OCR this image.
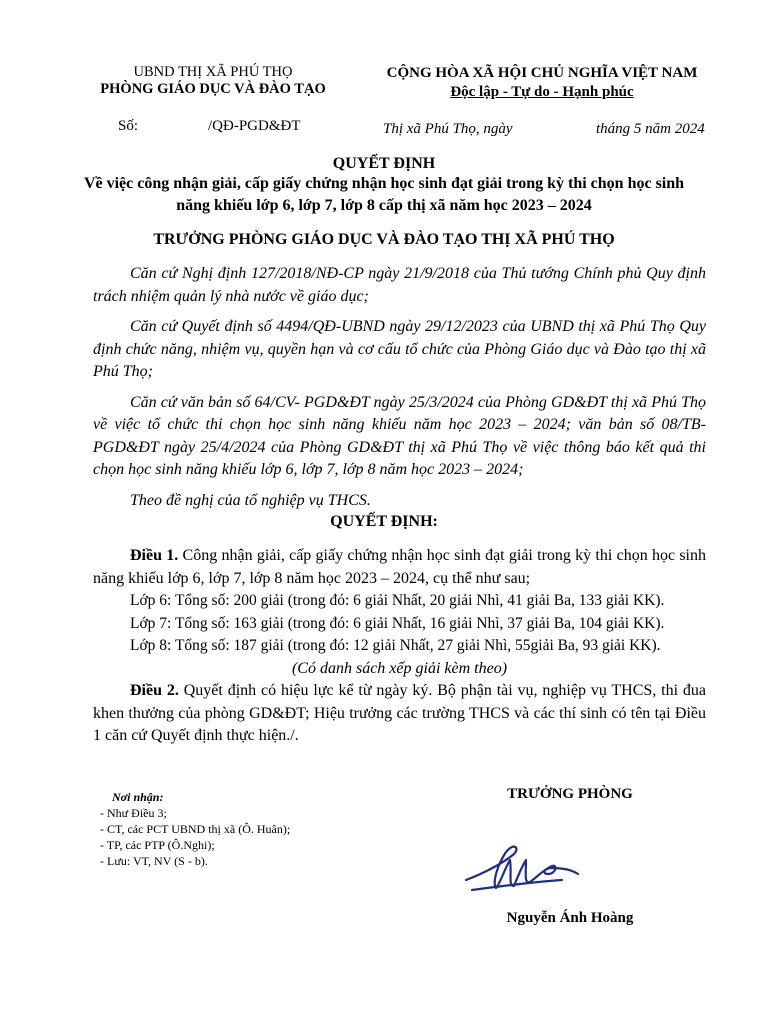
UBND THỊ XÃ PHÚ THỌ
PHÒNG GIÁO DỤC VÀ ĐÀO TẠO
CỘNG HÒA XÃ HỘI CHỦ NGHĨA VIỆT NAM
Độc lập - Tự do - Hạnh phúc
Số:	/QĐ-PGD&ĐT	Thị xã Phú Thọ, ngày	tháng 5 năm 2024
QUYẾT ĐỊNH
Về việc công nhận giải, cấp giấy chứng nhận học sinh đạt giải trong kỳ thi chọn học sinh năng khiếu lớp 6, lớp 7, lớp 8 cấp thị xã năm học 2023 – 2024
TRƯỞNG PHÒNG GIÁO DỤC VÀ ĐÀO TẠO THỊ XÃ PHÚ THỌ

Căn cứ Nghị định 127/2018/NĐ-CP ngày 21/9/2018 của Thủ tướng Chính phủ Quy định trách nhiệm quản lý nhà nước về giáo dục;

Căn cứ Quyết định số 4494/QĐ-UBND ngày 29/12/2023 của UBND thị xã Phú Thọ Quy định chức năng, nhiệm vụ, quyền hạn và cơ cấu tổ chức của Phòng Giáo dục và Đào tạo thị xã Phú Thọ;

Căn cứ văn bản số 64/CV- PGD&ĐT ngày 25/3/2024 của Phòng GD&ĐT thị xã Phú Thọ về việc tổ chức thi chọn học sinh năng khiếu năm học 2023 – 2024; văn bản số 08/TB-PGD&ĐT ngày 25/4/2024 của Phòng GD&ĐT thị xã Phú Thọ về việc thông báo kết quả thi chọn học sinh năng khiếu lớp 6, lớp 7, lớp 8 năm học 2023 – 2024;

Theo đề nghị của tổ nghiệp vụ THCS.

QUYẾT ĐỊNH:

Điều 1. Công nhận giải, cấp giấy chứng nhận học sinh đạt giải trong kỳ thi chọn học sinh năng khiếu lớp 6, lớp 7, lớp 8 năm học 2023 – 2024, cụ thể như sau;

Lớp 6: Tổng số: 200 giải (trong đó: 6 giải Nhất, 20 giải Nhì, 41 giải Ba, 133 giải KK).

Lớp 7: Tổng số: 163 giải (trong đó: 6 giải Nhất, 16 giải Nhì, 37 giải Ba, 104 giải KK).

Lớp 8: Tổng số: 187 giải (trong đó: 12 giải Nhất, 27 giải Nhì, 55giải Ba, 93 giải KK).

(Có danh sách xếp giải kèm theo)

Điều 2. Quyết định có hiệu lực kể từ ngày ký. Bộ phận tài vụ, nghiệp vụ THCS, thi đua khen thưởng của phòng GD&ĐT; Hiệu trưởng các trường THCS và các thí sinh có tên tại Điều 1 căn cứ Quyết định thực hiện./.

Nơi nhận:
- Như Điều 3;
- CT, các PCT UBND thị xã (Ô. Huân);
- TP, các PTP (Ô.Nghi);
- Lưu: VT, NV (S - b).
TRƯỞNG PHÒNG
Nguyễn Ánh Hoàng
